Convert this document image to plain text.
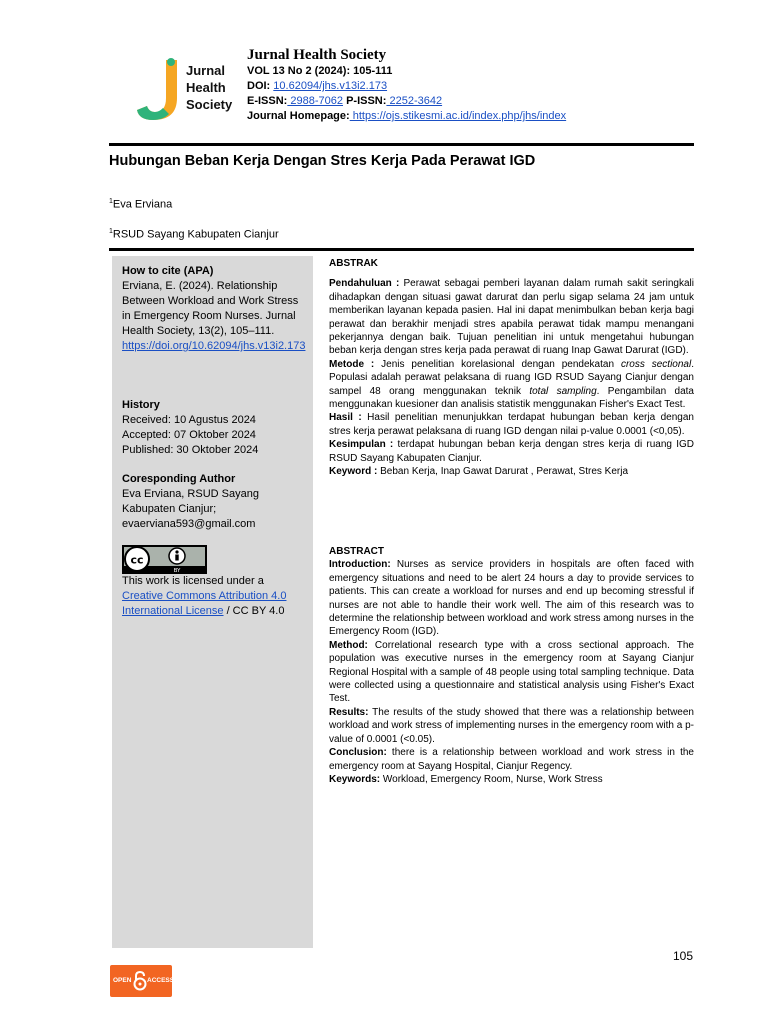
Jurnal
Health
Society
Jurnal Health Society
VOL 13 No 2 (2024): 105-111
DOI: 10.62094/jhs.v13i2.173
E-ISSN: 2988-7062 P-ISSN: 2252-3642
Journal Homepage: https://ojs.stikesmi.ac.id/index.php/jhs/index
Hubungan Beban Kerja Dengan Stres Kerja Pada Perawat IGD
$^1$Eva Erviana
$^1$RSUD Sayang Kabupaten Cianjur
How to cite (APA)
Erviana, E. (2024). Relationship Between Workload and Work Stress in Emergency Room Nurses. Jurnal Health Society, 13(2), 105–111.
https://doi.org/10.62094/jhs.v13i2.173
History
Received: 10 Agustus 2024
Accepted: 07 Oktober 2024
Published: 30 Oktober 2024
Coresponding Author
Eva Erviana, RSUD Sayang Kabupaten Cianjur;
evaerviana593@gmail.com
cc
BY
This work is licensed under a
Creative Commons Attribution 4.0 International License / CC BY 4.0

ABSTRAK

Pendahuluan : Perawat sebagai pemberi layanan dalam rumah sakit seringkali dihadapkan dengan situasi gawat darurat dan perlu sigap selama 24 jam untuk memberikan layanan kepada pasien. Hal ini dapat menimbulkan beban kerja bagi perawat dan berakhir menjadi stres apabila perawat tidak mampu menangani pekerjannya dengan baik. Tujuan penelitian ini untuk mengetahui hubungan beban kerja dengan stres kerja pada perawat di ruang Inap Gawat Darurat (IGD).

Metode : Jenis penelitian korelasional dengan pendekatan cross sectional. Populasi adalah perawat pelaksana di ruang IGD RSUD Sayang Cianjur dengan sampel 48 orang menggunakan teknik total sampling. Pengambilan data menggunakan kuesioner dan analisis statistik menggunakan Fisher's Exact Test.

Hasil : Hasil penelitian menunjukkan terdapat hubungan beban kerja dengan stres kerja perawat pelaksana di ruang IGD dengan nilai p-value 0.0001 (<0,05).

Kesimpulan : terdapat hubungan beban kerja dengan stres kerja di ruang IGD RSUD Sayang Kabupaten Cianjur.

Keyword : Beban Kerja, Inap Gawat Darurat , Perawat, Stres Kerja

ABSTRACT

Introduction: Nurses as service providers in hospitals are often faced with emergency situations and need to be alert 24 hours a day to provide services to patients. This can create a workload for nurses and end up becoming stressful if nurses are not able to handle their work well. The aim of this research was to determine the relationship between workload and work stress among nurses in the Emergency Room (IGD).

Method: Correlational research type with a cross sectional approach. The population was executive nurses in the emergency room at Sayang Cianjur Regional Hospital with a sample of 48 people using total sampling technique. Data were collected using a questionnaire and statistical analysis using Fisher's Exact Test.

Results: The results of the study showed that there was a relationship between workload and work stress of implementing nurses in the emergency room with a p-value of 0.0001 (<0.05).

Conclusion: there is a relationship between workload and work stress in the emergency room at Sayang Hospital, Cianjur Regency.

Keywords: Workload, Emergency Room, Nurse, Work Stress

105
OPEN ACCESS
